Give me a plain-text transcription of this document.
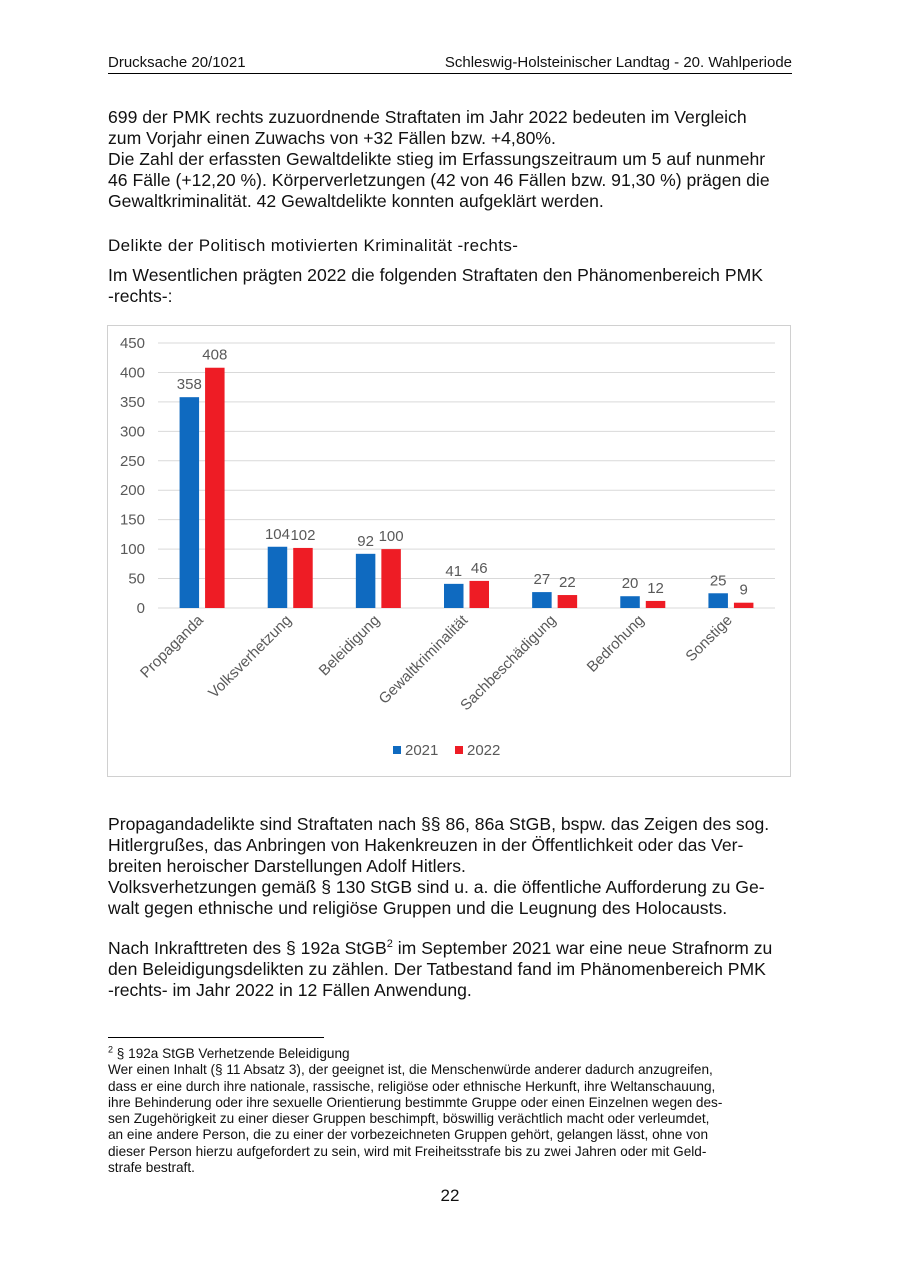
Drucksache 20/1021	Schleswig-Holsteinischer Landtag - 20. Wahlperiode

699 der PMK rechts zuzuordnende Straftaten im Jahr 2022 bedeuten im Vergleich
zum Vorjahr einen Zuwachs von +32 Fällen bzw. +4,80%.
Die Zahl der erfassten Gewaltdelikte stieg im Erfassungszeitraum um 5 auf nunmehr
46 Fälle (+12,20 %). Körperverletzungen (42 von 46 Fällen bzw. 91,30 %) prägen die
Gewaltkriminalität. 42 Gewaltdelikte konnten aufgeklärt werden.

Delikte der Politisch motivierten Kriminalität -rechts-

Im Wesentlichen prägten 2022 die folgenden Straftaten den Phänomenbereich PMK
-rechts-:

0
50
100
150
200
250
300
350
400
450
358
408
Propaganda
104 102
Volksverhetzung
92 100
Beleidigung
41 46
Gewaltkriminalität
27 22
Sachbeschädigung
20 12
Bedrohung
25
9
Sonstige
2021 2022

Propagandadelikte sind Straftaten nach §§ 86, 86a StGB, bspw. das Zeigen des sog.
Hitlergrußes, das Anbringen von Hakenkreuzen in der Öffentlichkeit oder das Ver-
breiten heroischer Darstellungen Adolf Hitlers.
Volksverhetzungen gemäß § 130 StGB sind u. a. die öffentliche Aufforderung zu Ge-
walt gegen ethnische und religiöse Gruppen und die Leugnung des Holocausts.

Nach Inkrafttreten des § 192a StGB$^2$ im September 2021 war eine neue Strafnorm zu
den Beleidigungsdelikten zu zählen. Der Tatbestand fand im Phänomenbereich PMK
-rechts- im Jahr 2022 in 12 Fällen Anwendung.

$^2$ § 192a StGB Verhetzende Beleidigung
Wer einen Inhalt (§ 11 Absatz 3), der geeignet ist, die Menschenwürde anderer dadurch anzugreifen,
dass er eine durch ihre nationale, rassische, religiöse oder ethnische Herkunft, ihre Weltanschauung,
ihre Behinderung oder ihre sexuelle Orientierung bestimmte Gruppe oder einen Einzelnen wegen des-
sen Zugehörigkeit zu einer dieser Gruppen beschimpft, böswillig verächtlich macht oder verleumdet,
an eine andere Person, die zu einer der vorbezeichneten Gruppen gehört, gelangen lässt, ohne von
dieser Person hierzu aufgefordert zu sein, wird mit Freiheitsstrafe bis zu zwei Jahren oder mit Geld-
strafe bestraft.
22
